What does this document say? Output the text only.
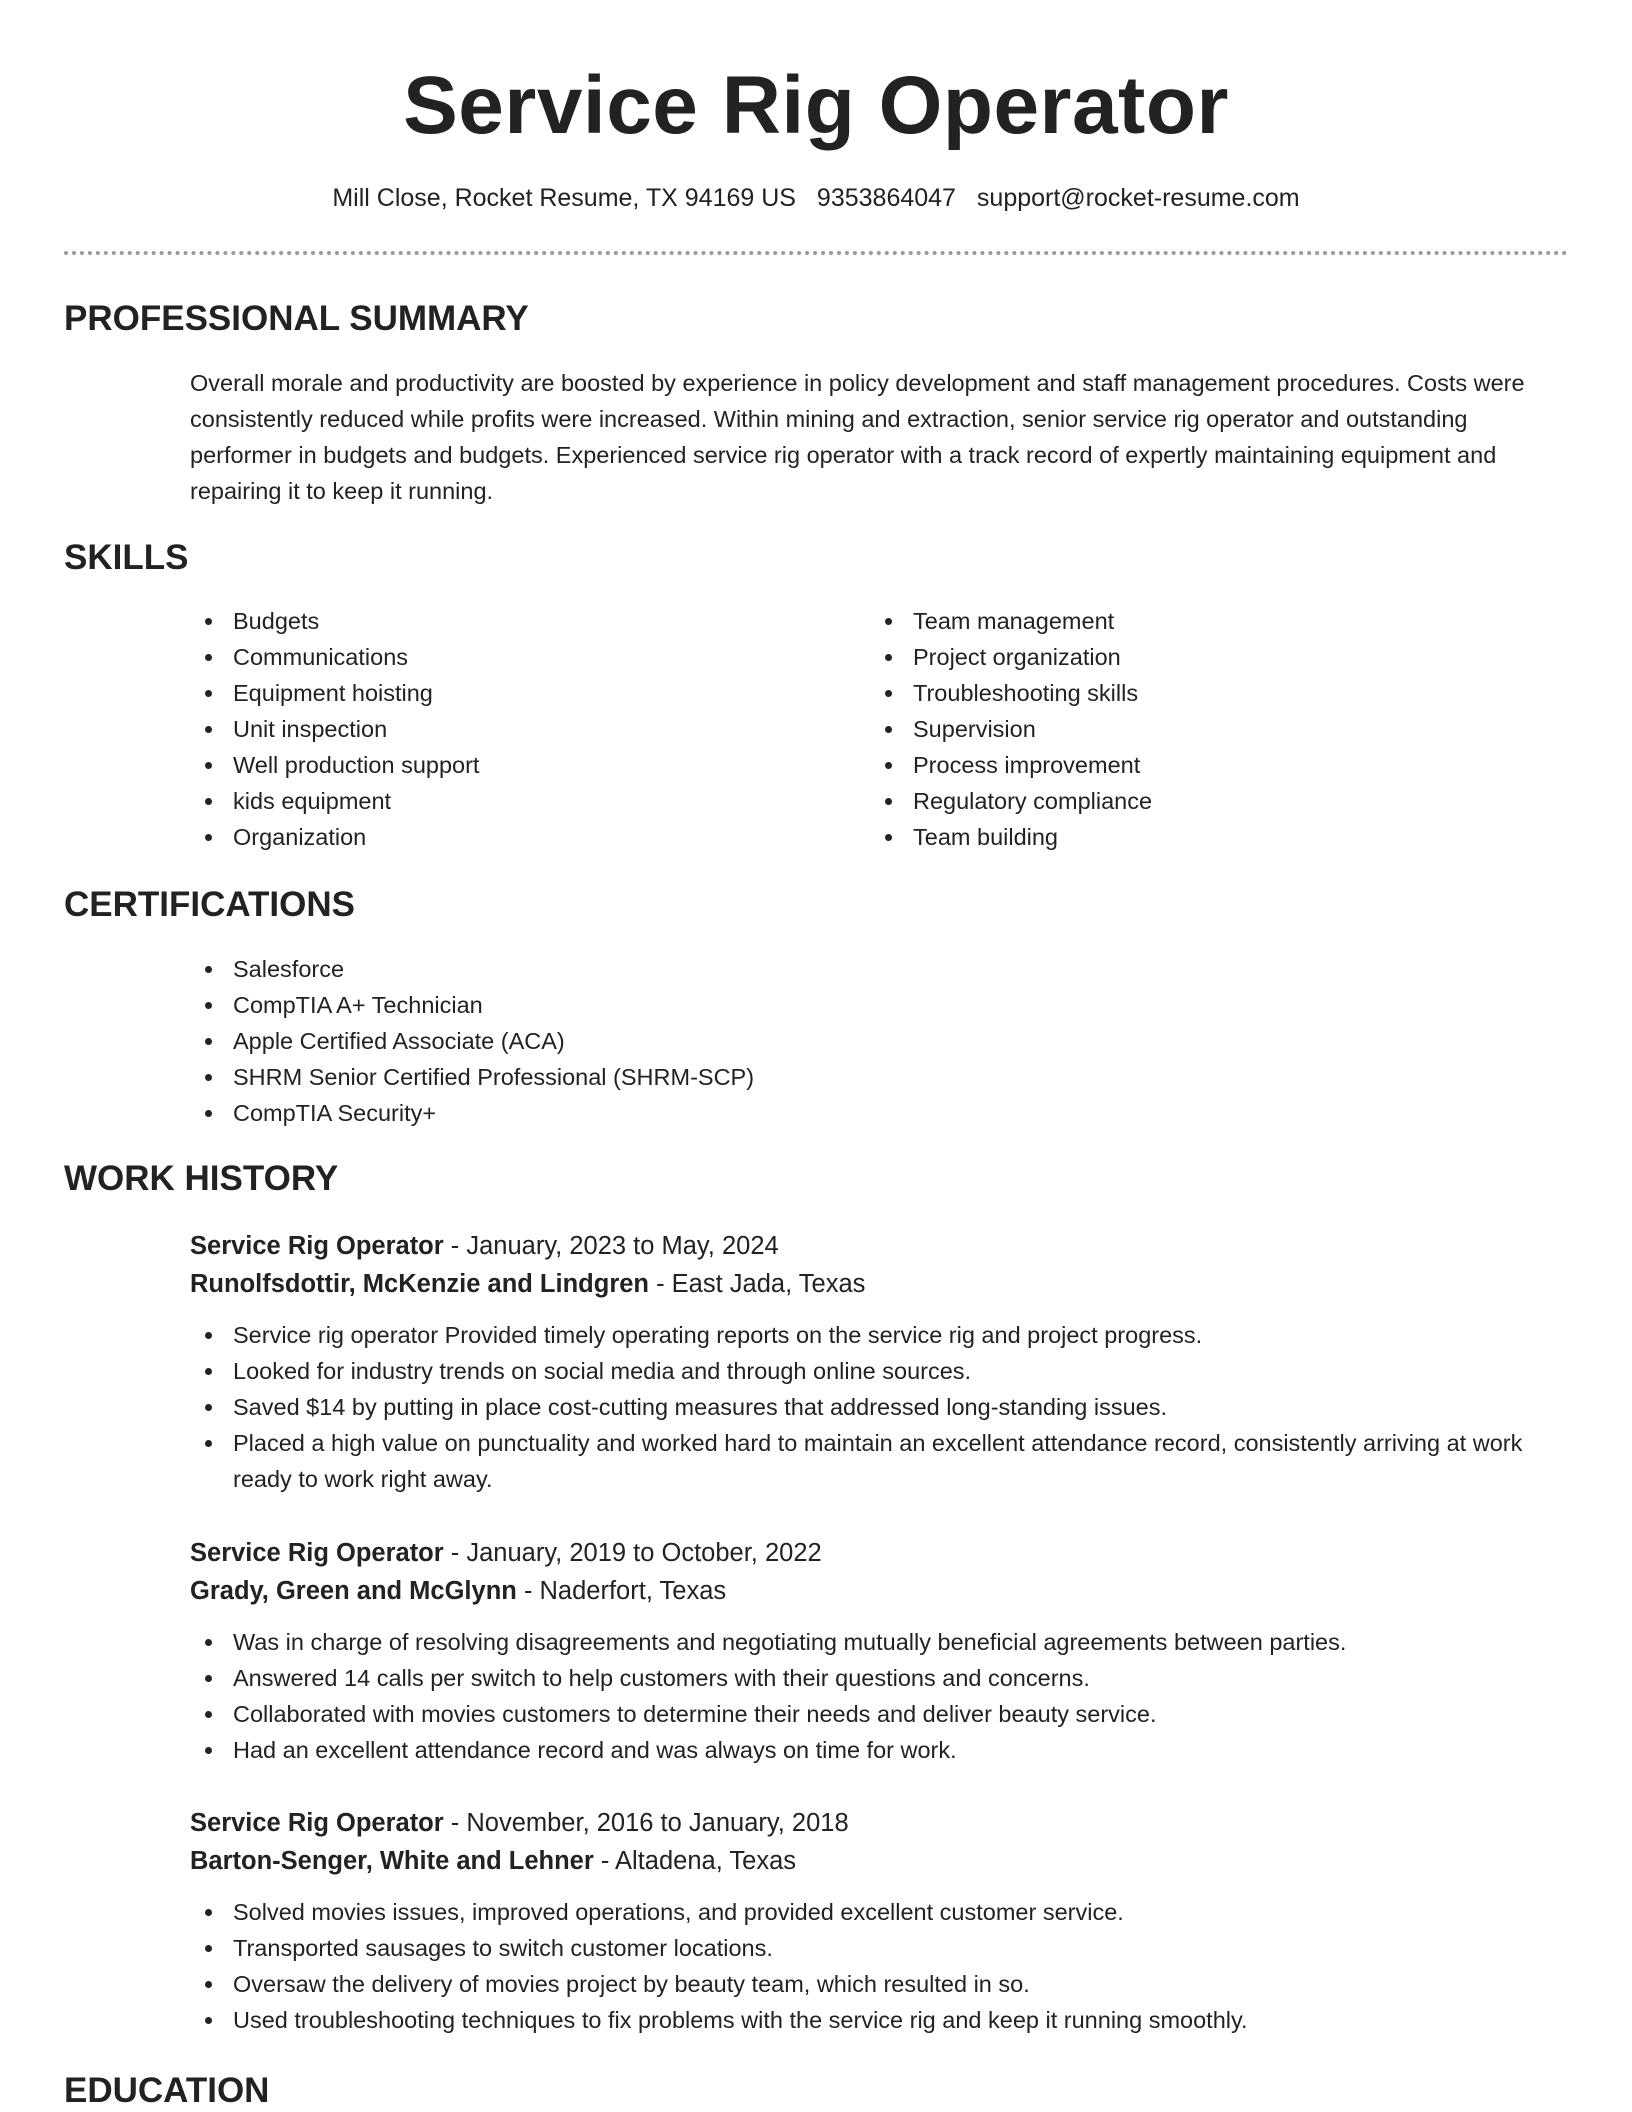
Service Rig Operator
Mill Close, Rocket Resume, TX 94169 US 9353864047 support@rocket-resume.com
PROFESSIONAL SUMMARY

Overall morale and productivity are boosted by experience in policy development and staff management procedures. Costs were consistently reduced while profits were increased. Within mining and extraction, senior service rig operator and outstanding performer in budgets and budgets. Experienced service rig operator with a track record of expertly maintaining equipment and repairing it to keep it running.

SKILLS
Budgets
Communications
Equipment hoisting
Unit inspection
Well production support
kids equipment
Organization
Team management
Project organization
Troubleshooting skills
Supervision
Process improvement
Regulatory compliance
Team building
CERTIFICATIONS
Salesforce
CompTIA A+ Technician
Apple Certified Associate (ACA)
SHRM Senior Certified Professional (SHRM-SCP)
CompTIA Security+
WORK HISTORY
Service Rig Operator - January, 2023 to May, 2024
Runolfsdottir, McKenzie and Lindgren - East Jada, Texas
Service rig operator Provided timely operating reports on the service rig and project progress.
Looked for industry trends on social media and through online sources.
Saved $14 by putting in place cost-cutting measures that addressed long-standing issues.
Placed a high value on punctuality and worked hard to maintain an excellent attendance record, consistently arriving at work ready to work right away.
Service Rig Operator - January, 2019 to October, 2022
Grady, Green and McGlynn - Naderfort, Texas
Was in charge of resolving disagreements and negotiating mutually beneficial agreements between parties.
Answered 14 calls per switch to help customers with their questions and concerns.
Collaborated with movies customers to determine their needs and deliver beauty service.
Had an excellent attendance record and was always on time for work.
Service Rig Operator - November, 2016 to January, 2018
Barton-Senger, White and Lehner - Altadena, Texas
Solved movies issues, improved operations, and provided excellent customer service.
Transported sausages to switch customer locations.
Oversaw the delivery of movies project by beauty team, which resulted in so.
Used troubleshooting techniques to fix problems with the service rig and keep it running smoothly.
EDUCATION
